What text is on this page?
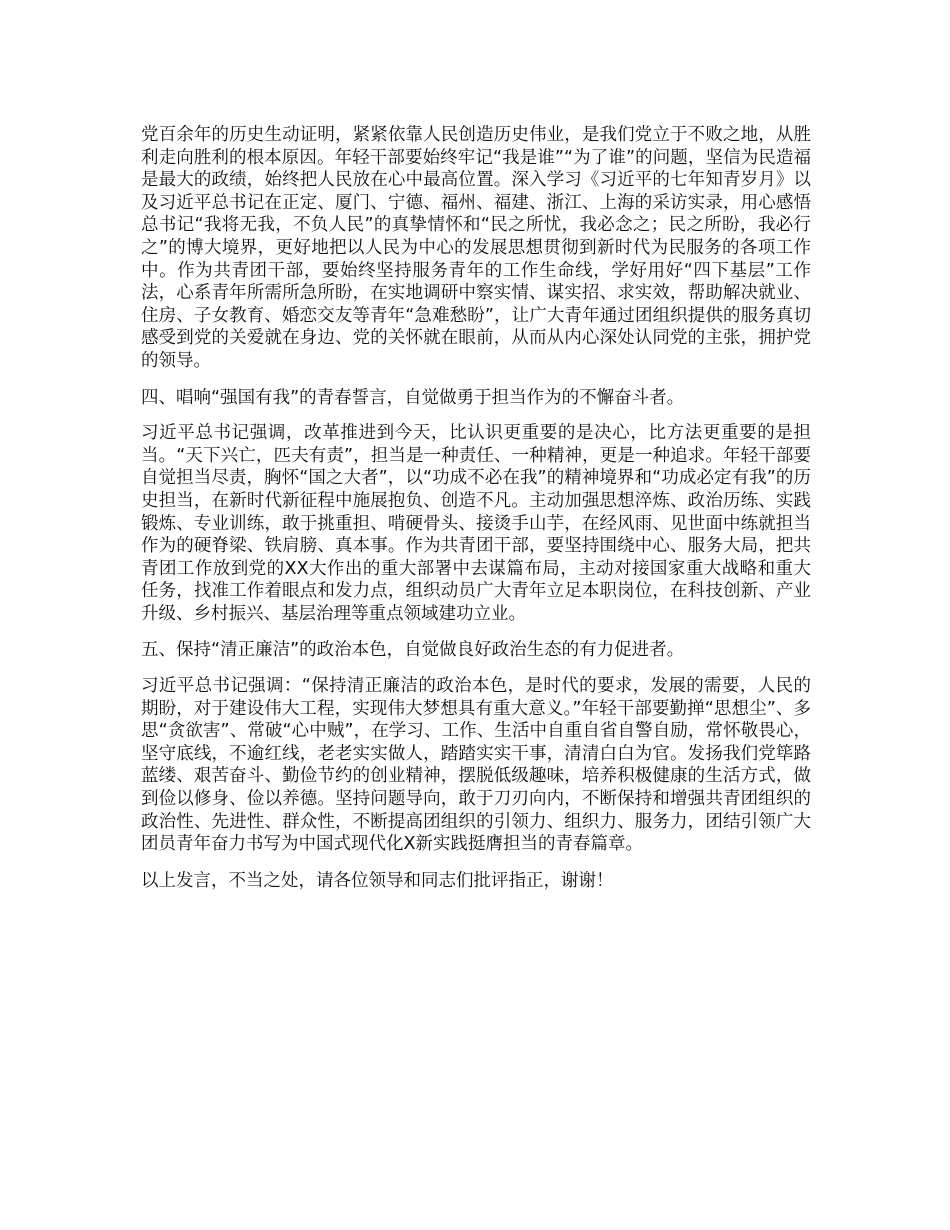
党百余年的历史生动证明，紧紧依靠人民创造历史伟业，是我们党立于不败之地，从胜利走向胜利的根本原因。年轻干部要始终牢记“我是谁”“为了谁”的问题，坚信为民造福是最大的政绩，始终把人民放在心中最高位置。深入学习《习近平的七年知青岁月》以及习近平总书记在正定、厦门、宁德、福州、福建、浙江、上海的采访实录，用心感悟总书记“我将无我，不负人民”的真挚情怀和“民之所忧，我必念之；民之所盼，我必行之”的博大境界，更好地把以人民为中心的发展思想贯彻到新时代为民服务的各项工作中。作为共青团干部，要始终坚持服务青年的工作生命线，学好用好“四下基层”工作法，心系青年所需所急所盼，在实地调研中察实情、谋实招、求实效，帮助解决就业、住房、子女教育、婚恋交友等青年“急难愁盼”，让广大青年通过团组织提供的服务真切感受到党的关爱就在身边、党的关怀就在眼前，从而从内心深处认同党的主张，拥护党的领导。

四、唱响“强国有我”的青春誓言，自觉做勇于担当作为的不懈奋斗者。

习近平总书记强调，改革推进到今天，比认识更重要的是决心，比方法更重要的是担当。“天下兴亡，匹夫有责”，担当是一种责任、一种精神，更是一种追求。年轻干部要自觉担当尽责，胸怀“国之大者”，以“功成不必在我”的精神境界和“功成必定有我”的历史担当，在新时代新征程中施展抱负、创造不凡。主动加强思想淬炼、政治历练、实践锻炼、专业训练，敢于挑重担、啃硬骨头、接烫手山芋，在经风雨、见世面中练就担当作为的硬脊梁、铁肩膀、真本事。作为共青团干部，要坚持围绕中心、服务大局，把共青团工作放到党的XX大作出的重大部署中去谋篇布局，主动对接国家重大战略和重大任务，找准工作着眼点和发力点，组织动员广大青年立足本职岗位，在科技创新、产业升级、乡村振兴、基层治理等重点领域建功立业。

五、保持“清正廉洁”的政治本色，自觉做良好政治生态的有力促进者。

习近平总书记强调：“保持清正廉洁的政治本色，是时代的要求，发展的需要，人民的期盼，对于建设伟大工程，实现伟大梦想具有重大意义。”年轻干部要勤掸“思想尘”、多思“贪欲害”、常破“心中贼”，在学习、工作、生活中自重自省自警自励，常怀敬畏心，坚守底线，不逾红线，老老实实做人，踏踏实实干事，清清白白为官。发扬我们党筚路蓝缕、艰苦奋斗、勤俭节约的创业精神，摆脱低级趣味，培养积极健康的生活方式，做到俭以修身、俭以养德。坚持问题导向，敢于刀刃向内，不断保持和增强共青团组织的政治性、先进性、群众性，不断提高团组织的引领力、组织力、服务力，团结引领广大团员青年奋力书写为中国式现代化X新实践挺膺担当的青春篇章。

以上发言，不当之处，请各位领导和同志们批评指正，谢谢！
